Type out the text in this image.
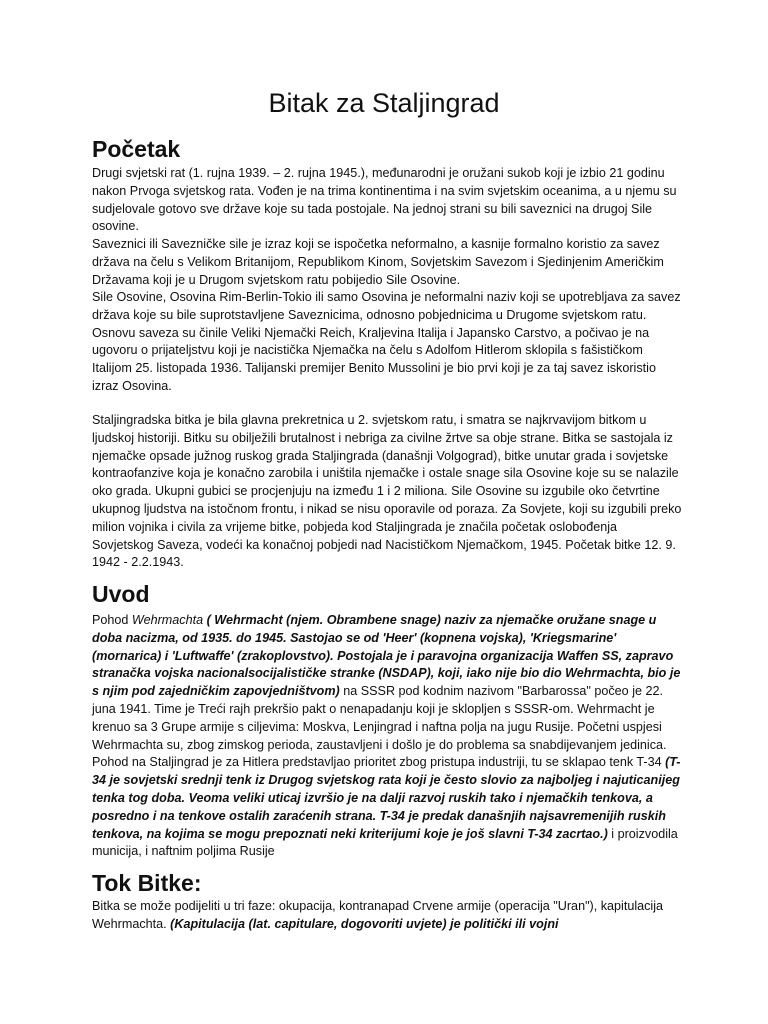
Bitak za Staljingrad
Početak

Drugi svjetski rat (1. rujna 1939. – 2. rujna 1945.), međunarodni je oružani sukob koji je izbio 21 godinu nakon Prvoga svjetskog rata. Vođen je na trima kontinentima i na svim svjetskim oceanima, a u njemu su sudjelovale gotovo sve države koje su tada postojale. Na jednoj strani su bili saveznici na drugoj Sile osovine.

Saveznici ili Savezničke sile je izraz koji se ispočetka neformalno, a kasnije formalno koristio za savez država na čelu s Velikom Britanijom, Republikom Kinom, Sovjetskim Savezom i Sjedinjenim Američkim Državama koji je u Drugom svjetskom ratu pobijedio Sile Osovine.

Sile Osovine, Osovina Rim-Berlin-Tokio ili samo Osovina je neformalni naziv koji se upotrebljava za savez država koje su bile suprotstavljene Saveznicima, odnosno pobjednicima u Drugome svjetskom ratu. Osnovu saveza su činile Veliki Njemački Reich, Kraljevina Italija i Japansko Carstvo, a počivao je na ugovoru o prijateljstvu koji je nacistička Njemačka na čelu s Adolfom Hitlerom sklopila s fašističkom Italijom 25. listopada 1936. Talijanski premijer Benito Mussolini je bio prvi koji je za taj savez iskoristio izraz Osovina.

Staljingradska bitka je bila glavna prekretnica u 2. svjetskom ratu, i smatra se najkrvavijom bitkom u ljudskoj historiji. Bitku su obilježili brutalnost i nebriga za civilne žrtve sa obje strane. Bitka se sastojala iz njemačke opsade južnog ruskog grada Staljingrada (današnji Volgograd), bitke unutar grada i sovjetske kontraofanzive koja je konačno zarobila i uništila njemačke i ostale snage sila Osovine koje su se nalazile oko grada. Ukupni gubici se procjenjuju na između 1 i 2 miliona. Sile Osovine su izgubile oko četvrtine ukupnog ljudstva na istočnom frontu, i nikad se nisu oporavile od poraza. Za Sovjete, koji su izgubili preko milion vojnika i civila za vrijeme bitke, pobjeda kod Staljingrada je značila početak oslobođenja Sovjetskog Saveza, vodeći ka konačnoj pobjedi nad Nacističkom Njemačkom, 1945. Početak bitke 12. 9. 1942 - 2.2.1943.

Uvod

Pohod Wehrmachta ( Wehrmacht (njem. Obrambene snage) naziv za njemačke oružane snage u doba nacizma, od 1935. do 1945. Sastojao se od 'Heer' (kopnena vojska), 'Kriegsmarine' (mornarica) i 'Luftwaffe' (zrakoplovstvo). Postojala je i paravojna organizacija Waffen SS, zapravo stranačka vojska nacionalsocijalističke stranke (NSDAP), koji, iako nije bio dio Wehrmachta, bio je s njim pod zajedničkim zapovjedništvom) na SSSR pod kodnim nazivom "Barbarossa" počeo je 22. juna 1941. Time je Treći rajh prekršio pakt o nenapadanju koji je sklopljen s SSSR-om. Wehrmacht je krenuo sa 3 Grupe armije s ciljevima: Moskva, Lenjingrad i naftna polja na jugu Rusije. Početni uspjesi Wehrmachta su, zbog zimskog perioda, zaustavljeni i došlo je do problema sa snabdijevanjem jedinica. Pohod na Staljingrad je za Hitlera predstavljao prioritet zbog pristupa industriji, tu se sklapao tenk T-34 (T-34 je sovjetski srednji tenk iz Drugog svjetskog rata koji je često slovio za najboljeg i najuticanijeg tenka tog doba. Veoma veliki uticaj izvršio je na dalji razvoj ruskih tako i njemačkih tenkova, a posredno i na tenkove ostalih zaraćenih strana. T-34 je predak današnjih najsavremenijih ruskih tenkova, na kojima se mogu prepoznati neki kriterijumi koje je još slavni T-34 zacrtao.) i proizvodila municija, i naftnim poljima Rusije

Tok Bitke:

Bitka se može podijeliti u tri faze: okupacija, kontranapad Crvene armije (operacija "Uran"), kapitulacija Wehrmachta. (Kapitulacija (lat. capitulare, dogovoriti uvjete) je politički ili vojni
